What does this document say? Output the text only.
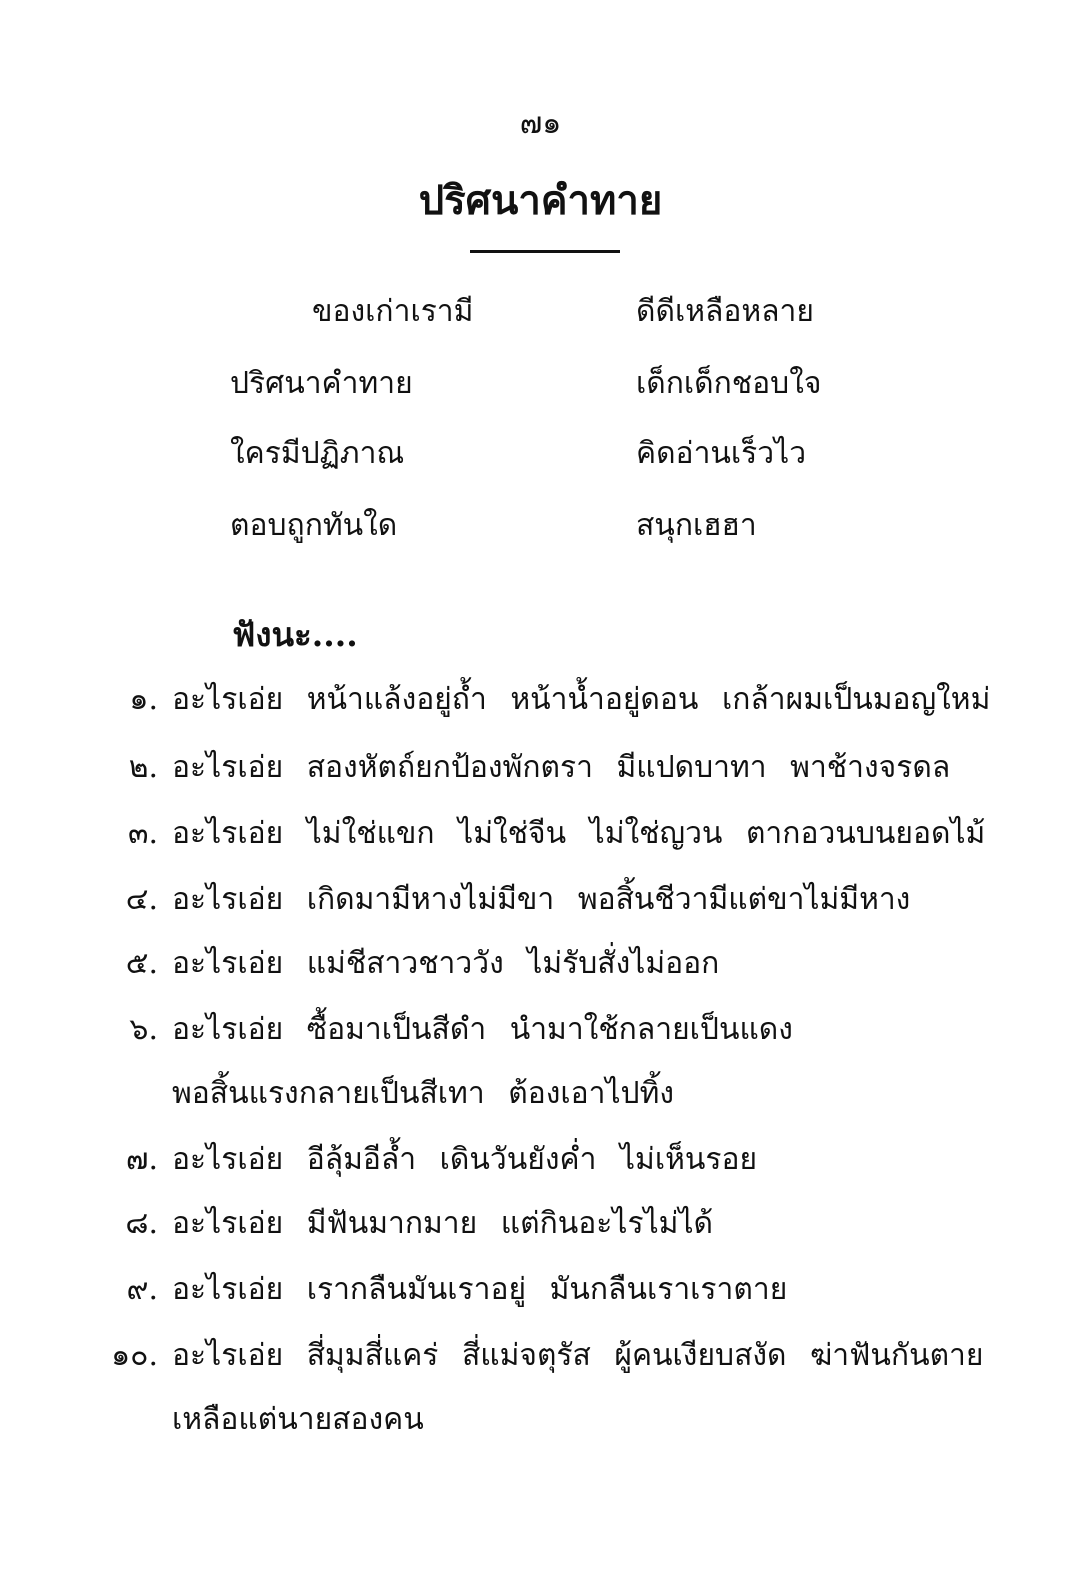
๗๑
ปริศนาคำทาย
ของเก่าเรามี	ดีดีเหลือหลาย
ปริศนาคำทาย	เด็กเด็กชอบใจ
ใครมีปฏิภาณ	คิดอ่านเร็วไว
ตอบถูกทันใด	สนุกเฮฮา
ฟังนะ....
๑. อะไรเอ่ย หน้าแล้งอยู่ถ้ำ หน้าน้ำอยู่ดอน เกล้าผมเป็นมอญใหม่
๒. อะไรเอ่ย สองหัตถ์ยกป้องพักตรา มีแปดบาทา พาช้างจรดล
๓. อะไรเอ่ย ไม่ใช่แขก ไม่ใช่จีน ไม่ใช่ญวน ตากอวนบนยอดไม้
๔. อะไรเอ่ย เกิดมามีหางไม่มีขา พอสิ้นชีวามีแต่ขาไม่มีหาง
๕. อะไรเอ่ย แม่ชีสาวชาววัง ไม่รับสั่งไม่ออก
๖. อะไรเอ่ย ซื้อมาเป็นสีดำ นำมาใช้กลายเป็นแดง
พอสิ้นแรงกลายเป็นสีเทา ต้องเอาไปทิ้ง
๗. อะไรเอ่ย อีลุ้มอีล้ำ เดินวันยังค่ำ ไม่เห็นรอย
๘. อะไรเอ่ย มีฟันมากมาย แต่กินอะไรไม่ได้
๙. อะไรเอ่ย เรากลืนมันเราอยู่ มันกลืนเราเราตาย
๑๐. อะไรเอ่ย สี่มุมสี่แคร่ สี่แม่จตุรัส ผู้คนเงียบสงัด ฆ่าฟันกันตาย
เหลือแต่นายสองคน
